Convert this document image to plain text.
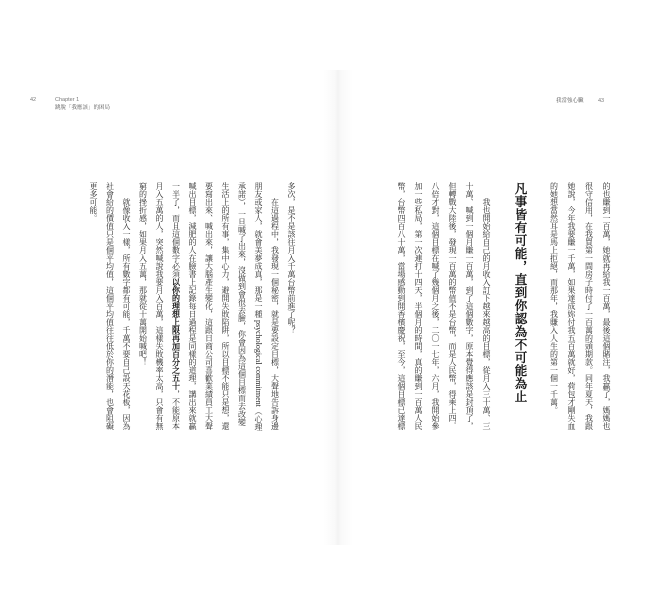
42	Chapter 1
跳脫「我應該」的困局
我當強心臟	43
多次，是不是該往月入千萬台幣前進了呢？
在這過程中，我發現一個秘密，就是要設定目標，大聲地告訴身邊
朋友或家人，就會美夢成真，那是一種 psychological commitment（心理
承諾），一旦喊了出來，沒做到會很丟臉，你會因為這個目標而去改變
生活上的所有事，集中心力，避開失敗陷阱，所以目標不能只是想，還
要寫出來、喊出來，讓大腦產生變化，這跟日商公司喜歡業績員工大聲
喊出目標，減肥的人在臉書上記錄每日過程是同樣的道理，講出來就贏
一半了，而且這個數字必須以你的理想上限再加百分之五十，不能原本
月入五萬的人，突然喊說我要月入百萬，這樣失敗機率太高，只會有無
窮的挫折感，如果月入五萬，那就從十萬開始喊吧！
就像收入一樣，所有數字都有可能，千萬不要自己設天花板，因為
社會給的價值只是個平均值，這個平均值往往低於你的潛能，也會阻礙
更多可能。	的也賺到一百萬，她就再給我一百萬，最後這個賭注，我贏了，媽媽也
很守信用，在我買第一間房子時付了一百萬的頭期款。同年夏天，我跟
她說，今年我要賺一千萬，如果達成妳付我五百萬就好，荷包才剛失血
的她想當然耳是馬上拒絕，而那年，我賺入人生的第一個一千萬。
凡事皆有可能，直到你認為不可能為止
我也開始給自己的月收入訂下越來越高的目標，從月入三十萬、三
十萬、喊到一個月賺一百萬，到了這個數字，原本覺得應該是封頂了，
但轉戰大陸後，發現一百萬的幣值不是台幣，而是人民幣，得乘上四．
八倍才對，這個目標在喊了幾個月之後，二〇一七年，六月，我開始參
加一些私局，第一次連打十四天，半個月的時間，真的賺到一百萬人民
幣，台幣四百八十萬，當場感動到開香檳慶祝，至今，這個目標已達標
